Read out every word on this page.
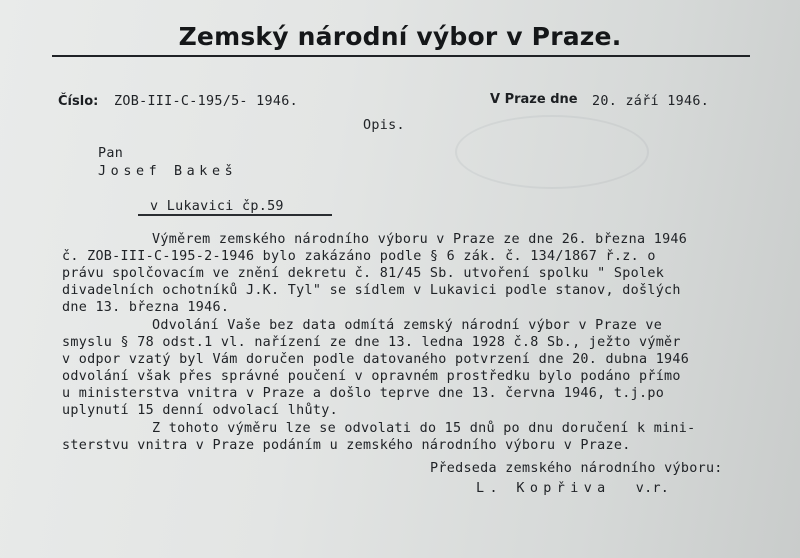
Zemský národní výbor v Praze.
Číslo: ZOB-III-C-195/5- 1946.	V Praze dne 20. září 1946.
Opis.
Pan
Josef Bakeš
v Lukavici čp.59
Výměrem zemského národního výboru v Praze ze dne 26. března 1946
č. ZOB-III-C-195-2-1946 bylo zakázáno podle § 6 zák. č. 134/1867 ř.z. o
právu spolčovacím ve znění dekretu č. 81/45 Sb. utvoření spolku " Spolek
divadelních ochotníků J.K. Tyl" se sídlem v Lukavici podle stanov, došlých
dne 13. března 1946.
Odvolání Vaše bez data odmítá zemský národní výbor v Praze ve
smyslu § 78 odst.1 vl. nařízení ze dne 13. ledna 1928 č.8 Sb., ježto výměr
v odpor vzatý byl Vám doručen podle datovaného potvrzení dne 20. dubna 1946
odvolání však přes správné poučení v opravném prostředku bylo podáno přímo
u ministerstva vnitra v Praze a došlo teprve dne 13. června 1946, t.j.po
uplynutí 15 denní odvolací lhůty.
Z tohoto výměru lze se odvolati do 15 dnů po dnu doručení k mini-
sterstvu vnitra v Praze podáním u zemského národního výboru v Praze.
Předseda zemského národního výboru:
L. Kopřiva v.r.
